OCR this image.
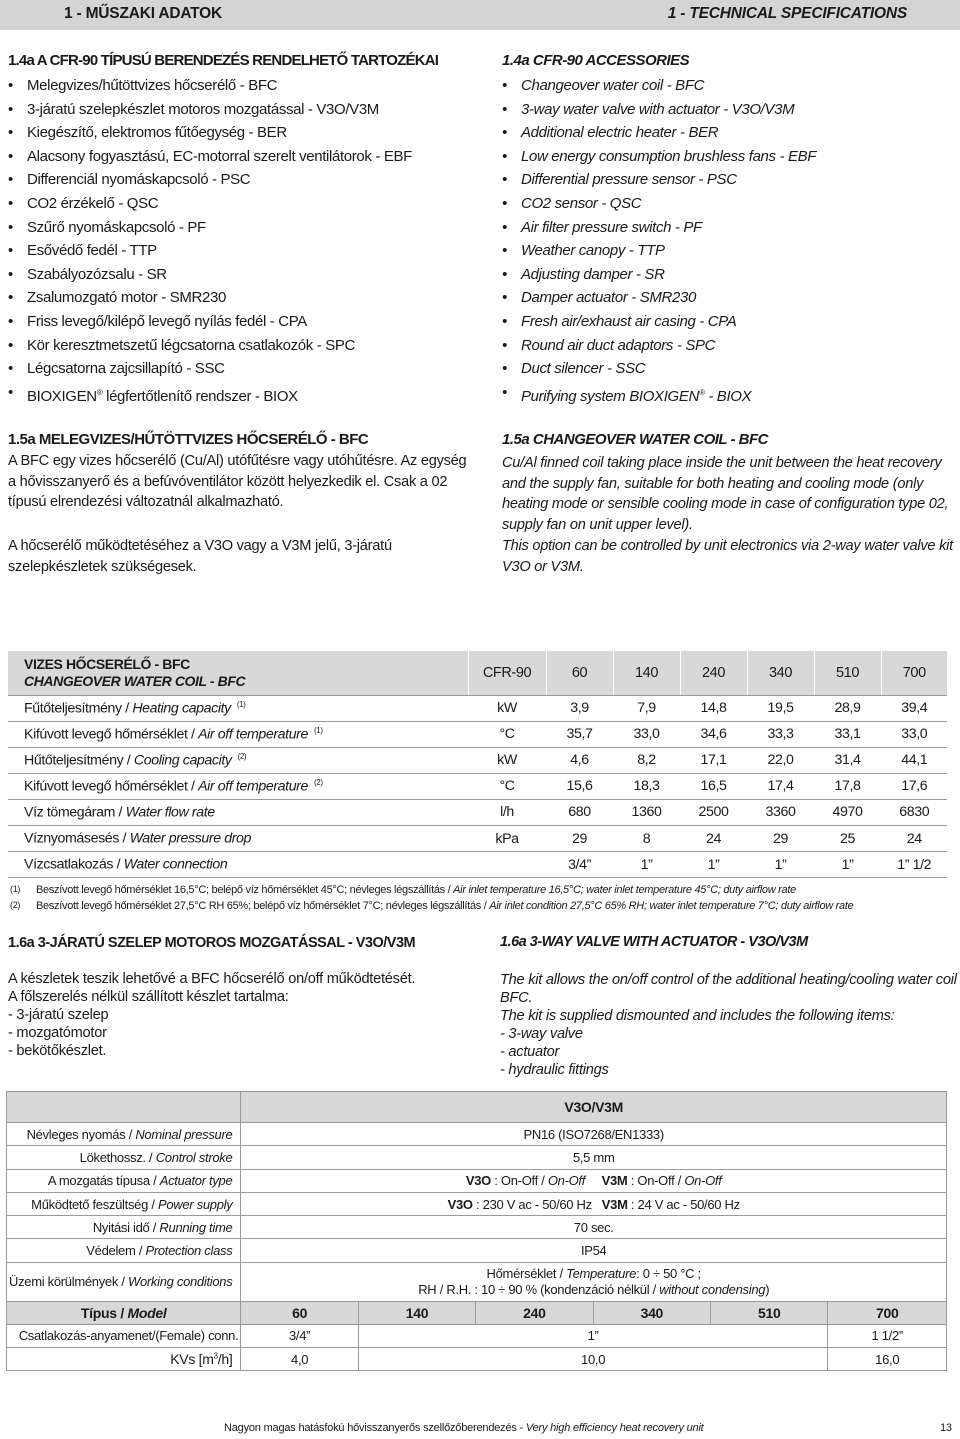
1 - MŰSZAKI ADATOK	1 - TECHNICAL SPECIFICATIONS
1.4a A CFR-90 TÍPUSÚ BERENDEZÉS RENDELHETŐ TARTOZÉKAI
• Melegvizes/hűtöttvizes hőcserélő - BFC
• 3-járatú szelepkészlet motoros mozgatással - V3O/V3M
• Kiegészítő, elektromos fűtőegység - BER
• Alacsony fogyasztású, EC-motorral szerelt ventilátorok - EBF
• Differenciál nyomáskapcsoló - PSC
• CO2 érzékelő - QSC
• Szűrő nyomáskapcsoló - PF
• Esővédő fedél - TTP
• Szabályozózsalu - SR
• Zsalumozgató motor - SMR230
• Friss levegő/kilépő levegő nyílás fedél - CPA
• Kör keresztmetszetű légcsatorna csatlakozók - SPC
• Légcsatorna zajcsillapító - SSC
• BIOXIGEN® légfertőtlenítő rendszer - BIOX
1.4a CFR-90 ACCESSORIES
• Changeover water coil - BFC
• 3-way water valve with actuator - V3O/V3M
• Additional electric heater - BER
• Low energy consumption brushless fans - EBF
• Differential pressure sensor - PSC
• CO2 sensor - QSC
• Air filter pressure switch - PF
• Weather canopy - TTP
• Adjusting damper - SR
• Damper actuator - SMR230
• Fresh air/exhaust air casing - CPA
• Round air duct adaptors - SPC
• Duct silencer - SSC
• Purifying system BIOXIGEN® - BIOX
1.5a MELEGVIZES/HŰTÖTTVIZES HŐCSERÉLŐ - BFC
A BFC egy vizes hőcserélő (Cu/Al) utófűtésre vagy utóhűtésre. Az egység a hővisszanyerő és a befúvóventilátor között helyezkedik el. Csak a 02 típusú elrendezési változatnál alkalmazható.
A hőcserélő működtetéséhez a V3O vagy a V3M jelű, 3-járatú szelepkészletek szükségesek.
1.5a CHANGEOVER WATER COIL - BFC
Cu/Al finned coil taking place inside the unit between the heat recovery and the supply fan, suitable for both heating and cooling mode (only heating mode or sensible cooling mode in case of configuration type 02, supply fan on unit upper level).
This option can be controlled by unit electronics via 2-way water valve kit V3O or V3M.
VIZES HŐCSERÉLŐ - BFC
CHANGEOVER WATER COIL - BFC	CFR-90	60	140	240	340	510	700
Fűtőteljesítmény / Heating capacity $^{(1)}$	kW	3,9	7,9	14,8	19,5	28,9	39,4
Kifúvott levegő hőmérséklet / Air off temperature $^{(1)}$	°C	35,7	33,0	34,6	33,3	33,1	33,0
Hűtőteljesítmény / Cooling capacity $^{(2)}$	kW	4,6	8,2	17,1	22,0	31,4	44,1
Kifúvott levegő hőmérséklet / Air off temperature $^{(2)}$	°C	15,6	18,3	16,5	17,4	17,8	17,6
Víz tömegáram / Water flow rate	l/h	680	1360	2500	3360	4970	6830
Víznyomásesés / Water pressure drop	kPa	29	8	24	29	25	24
Vízcsatlakozás / Water connection		3/4”	1”	1”	1”	1”	1” 1/2
(1) Beszívott levegő hőmérséklet 16,5°C; belépő víz hőmérséklet 45°C; névleges légszállítás / Air inlet temperature 16,5°C; water inlet temperature 45°C; duty airflow rate
(2) Beszívott levegő hőmérséklet 27,5°C RH 65%; belépő víz hőmérséklet 7°C; névleges légszállítás / Air inlet condition 27,5°C 65% RH; water inlet temperature 7°C; duty airflow rate
1.6a 3-JÁRATÚ SZELEP MOTOROS MOZGATÁSSAL - V3O/V3M
A készletek teszik lehetővé a BFC hőcserélő on/off működtetését.
A főlszerelés nélkül szállított készlet tartalma:
- 3-járatú szelep
- mozgatómotor
- bekötőkészlet.
1.6a 3-WAY VALVE WITH ACTUATOR - V3O/V3M
The kit allows the on/off control of the additional heating/cooling water coil BFC.
The kit is supplied dismounted and includes the following items:
- 3-way valve
- actuator
- hydraulic fittings
	V3O/V3M					
Névleges nyomás / Nominal pressure	PN16 (ISO7268/EN1333)					
Lökethossz. / Control stroke	5,5 mm					
A mozgatás típusa / Actuator type	V3O : On-Off / On-Off V3M : On-Off / On-Off					
Működtető feszültség / Power supply	V3O : 230 V ac - 50/60 Hz V3M : 24 V ac - 50/60 Hz					
Nyitási idő / Running time	70 sec.					
Védelem / Protection class	IP54					
Üzemi körülmények / Working conditions	Hőmérséklet / Temperature: 0 ÷ 50 °C ;
RH / R.H. : 10 ÷ 90 % (kondenzáció nélkül / without condensing)					

Típus / Model	60	140	240	340	510	700
Csatlakozás-anyamenet/(Female) conn.	3/4”	1”				1 1/2”
KVs $[m^3/h]$	4,0	10,0				16,0
Nagyon magas hatásfokú hővisszanyerős szellőzőberendezés - Very high efficiency heat recovery unit	13
